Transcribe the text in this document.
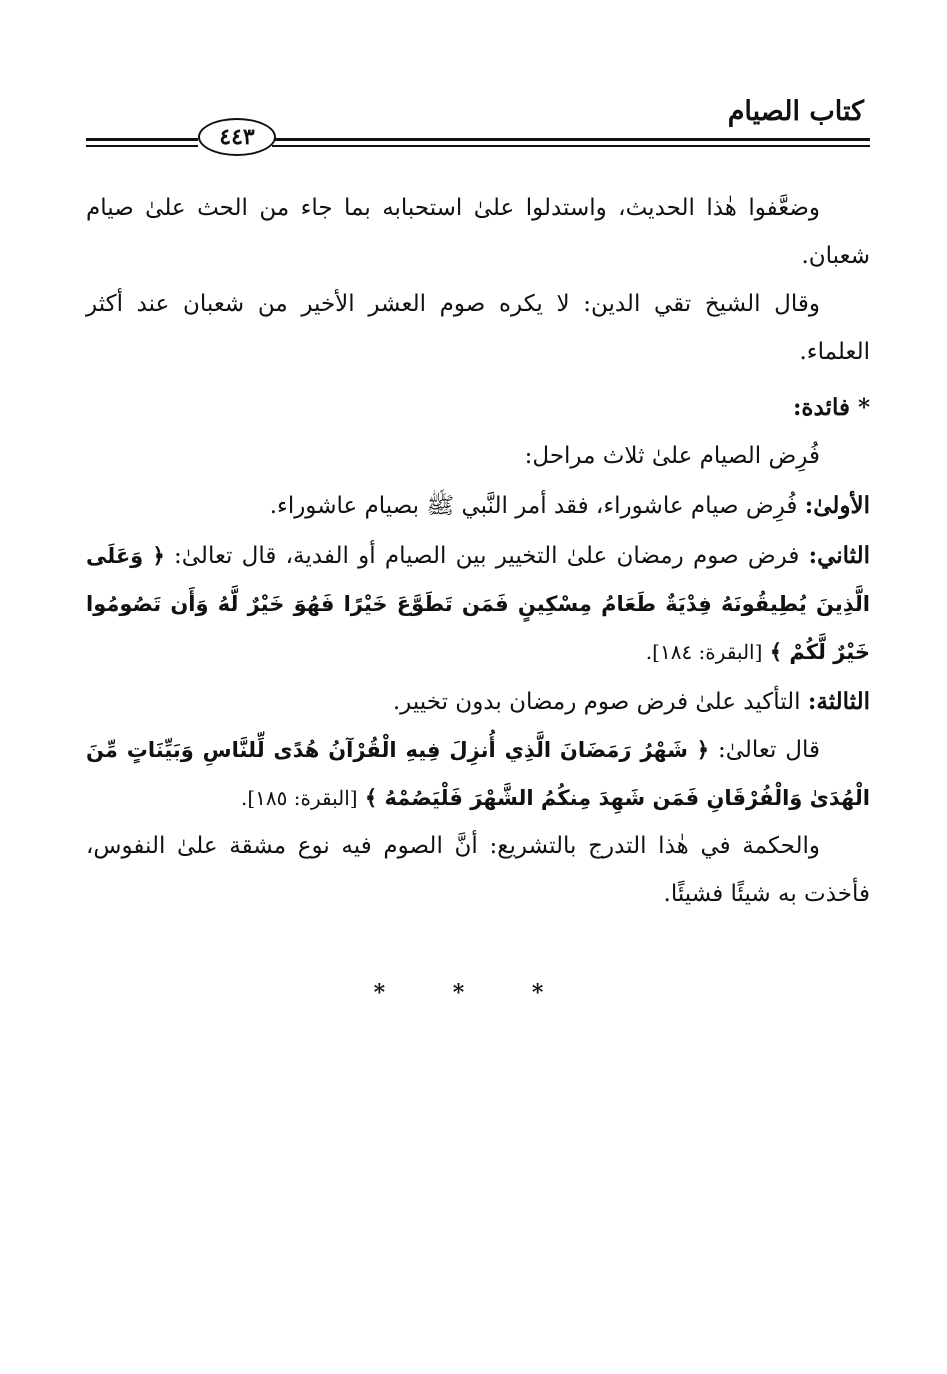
كتاب الصيام
٤٤٣

وضعَّفوا هٰذا الحديث، واستدلوا علىٰ استحبابه بما جاء من الحث علىٰ صيام شعبان.

وقال الشيخ تقي الدين: لا يكره صوم العشر الأخير من شعبان عند أكثر العلماء.

* فائدة:

فُرِض الصيام علىٰ ثلاث مراحل:

الأولىٰ: فُرِض صيام عاشوراء، فقد أمر النَّبي ﷺ بصيام عاشوراء.

الثاني: فرض صوم رمضان علىٰ التخيير بين الصيام أو الفدية، قال تعالىٰ: ﴿ وَعَلَى الَّذِينَ يُطِيقُونَهُ فِدْيَةٌ طَعَامُ مِسْكِينٍ فَمَن تَطَوَّعَ خَيْرًا فَهُوَ خَيْرٌ لَّهُ وَأَن تَصُومُوا خَيْرٌ لَّكُمْ ﴾ [البقرة: ١٨٤].

الثالثة: التأكيد علىٰ فرض صوم رمضان بدون تخيير.

قال تعالىٰ: ﴿ شَهْرُ رَمَضَانَ الَّذِي أُنزِلَ فِيهِ الْقُرْآنُ هُدًى لِّلنَّاسِ وَبَيِّنَاتٍ مِّنَ الْهُدَىٰ وَالْفُرْقَانِ فَمَن شَهِدَ مِنكُمُ الشَّهْرَ فَلْيَصُمْهُ ﴾ [البقرة: ١٨٥].

والحكمة في هٰذا التدرج بالتشريع: أنَّ الصوم فيه نوع مشقة علىٰ النفوس، فأخذت به شيئًا فشيئًا.

* * *
